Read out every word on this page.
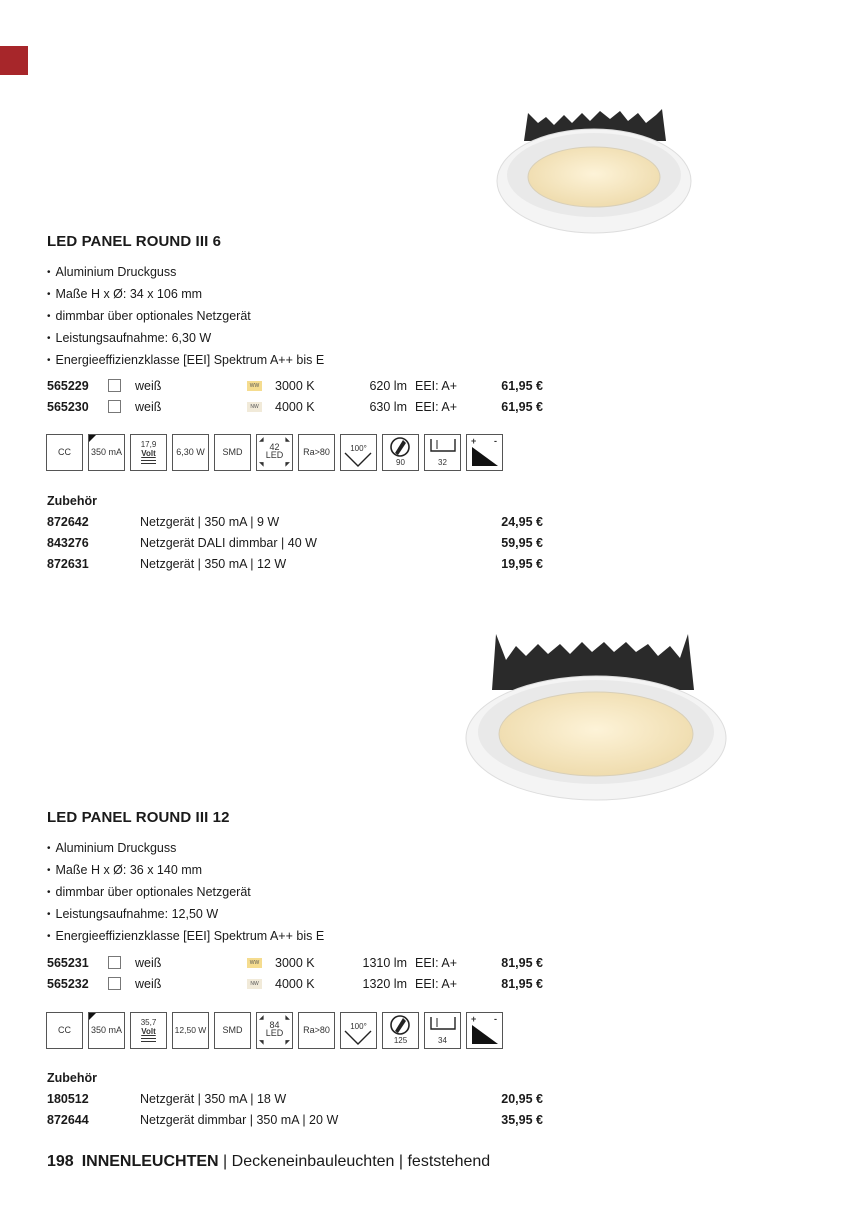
LED PANEL ROUND III 6
• Aluminium Druckguss
• Maße H x Ø: 34 x 106 mm
• dimmbar über optionales Netzgerät
• Leistungsaufnahme: 6,30 W
• Energieeffizienzklasse [EEI] Spektrum A++ bis E
565229	weiß	WW 3000 K	620 lm EEI: A+	61,95 €
565230	weiß	NW 4000 K	630 lm EEI: A+	61,95 €
CC	350 mA
17,9
Volt	6,30 W	SMD
◢	◣
◥	◤
42
LED	Ra>80	100°
90	32
+ -
Zubehör
872642	Netzgerät | 350 mA | 9 W	24,95 €
843276	Netzgerät DALI dimmbar | 40 W	59,95 €
872631	Netzgerät | 350 mA | 12 W	19,95 €
LED PANEL ROUND III 12
• Aluminium Druckguss
• Maße H x Ø: 36 x 140 mm
• dimmbar über optionales Netzgerät
• Leistungsaufnahme: 12,50 W
• Energieeffizienzklasse [EEI] Spektrum A++ bis E
565231	weiß	WW 3000 K	1310 lm EEI: A+	81,95 €
565232	weiß	NW 4000 K	1320 lm EEI: A+	81,95 €
CC	350 mA
35,7
Volt	12,50 W	SMD
◢	◣
◥	◤
84
LED	Ra>80	100°
125	34
+ -
Zubehör
180512	Netzgerät | 350 mA | 18 W	20,95 €
872644	Netzgerät dimmbar | 350 mA | 20 W	35,95 €
198 INNENLEUCHTEN | Deckeneinbauleuchten | feststehend
